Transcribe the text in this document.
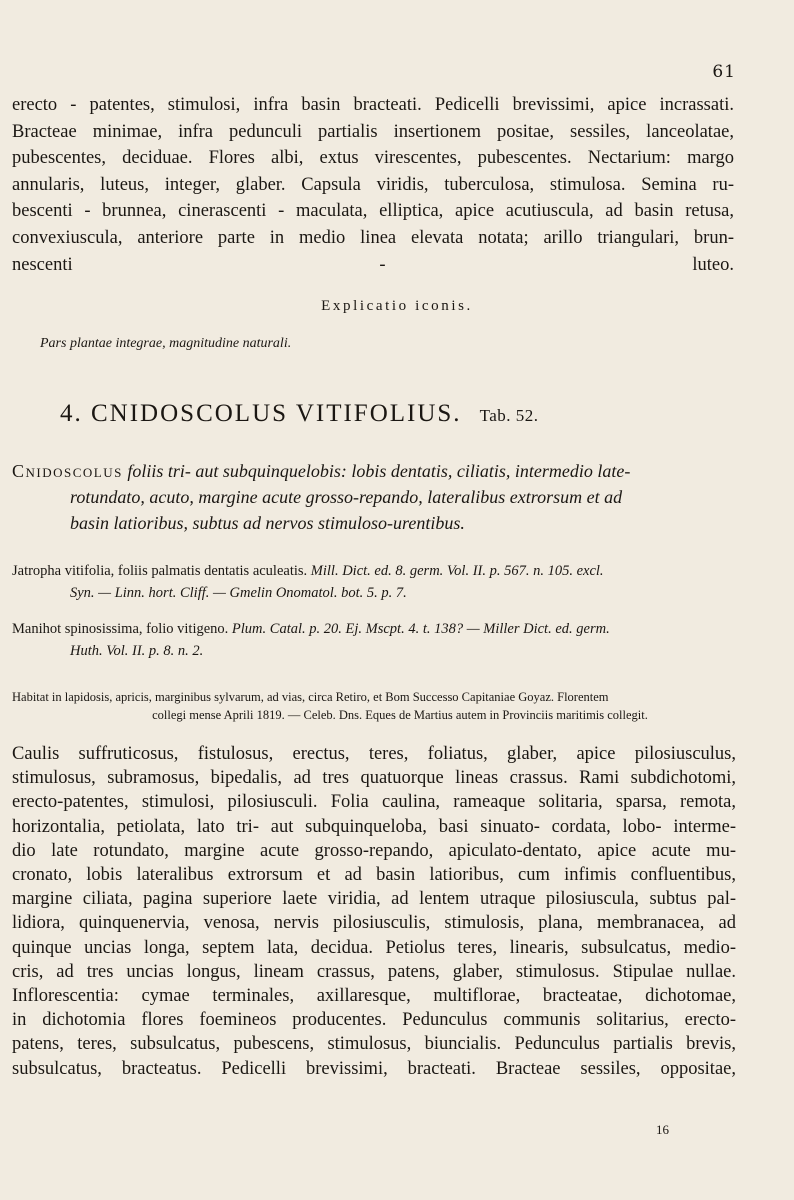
61
erecto - patentes, stimulosi, infra basin bracteati. Pedicelli brevissimi, apice incrassati.
Bracteae minimae, infra pedunculi partialis insertionem positae, sessiles, lanceolatae,
pubescentes, deciduae. Flores albi, extus virescentes, pubescentes. Nectarium: margo
annularis, luteus, integer, glaber. Capsula viridis, tuberculosa, stimulosa. Semina ru-
bescenti - brunnea, cinerascenti - maculata, elliptica, apice acutiuscula, ad basin retusa,
convexiuscula, anteriore parte in medio linea elevata notata; arillo triangulari, brun-
nescenti - luteo.
Explicatio iconis.
Pars plantae integrae, magnitudine naturali.
4. CNIDOSCOLUS VITIFOLIUS. Tab. 52.
Cnidoscolus foliis tri- aut subquinquelobis: lobis dentatis, ciliatis, intermedio late-
rotundato, acuto, margine acute grosso-repando, lateralibus extrorsum et ad
basin latioribus, subtus ad nervos stimuloso-urentibus.
Jatropha vitifolia, foliis palmatis dentatis aculeatis. Mill. Dict. ed. 8. germ. Vol. II. p. 567. n. 105. excl.
Syn. — Linn. hort. Cliff. — Gmelin Onomatol. bot. 5. p. 7.
Manihot spinosissima, folio vitigeno. Plum. Catal. p. 20. Ej. Mscpt. 4. t. 138? — Miller Dict. ed. germ.
Huth. Vol. II. p. 8. n. 2.
Habitat in lapidosis, apricis, marginibus sylvarum, ad vias, circa Retiro, et Bom Successo Capitaniae Goyaz. Florentem
collegi mense Aprili 1819. — Celeb. Dns. Eques de Martius autem in Provinciis maritimis collegit.
Caulis suffruticosus, fistulosus, erectus, teres, foliatus, glaber, apice pilosiusculus,
stimulosus, subramosus, bipedalis, ad tres quatuorque lineas crassus. Rami subdichotomi,
erecto-patentes, stimulosi, pilosiusculi. Folia caulina, rameaque solitaria, sparsa, remota,
horizontalia, petiolata, lato tri- aut subquinqueloba, basi sinuato- cordata, lobo- interme-
dio late rotundato, margine acute grosso-repando, apiculato-dentato, apice acute mu-
cronato, lobis lateralibus extrorsum et ad basin latioribus, cum infimis confluentibus,
margine ciliata, pagina superiore laete viridia, ad lentem utraque pilosiuscula, subtus pal-
lidiora, quinquenervia, venosa, nervis pilosiusculis, stimulosis, plana, membranacea, ad
quinque uncias longa, septem lata, decidua. Petiolus teres, linearis, subsulcatus, medio-
cris, ad tres uncias longus, lineam crassus, patens, glaber, stimulosus. Stipulae nullae.
Inflorescentia: cymae terminales, axillaresque, multiflorae, bracteatae, dichotomae,
in dichotomia flores foemineos producentes. Pedunculus communis solitarius, erecto-
patens, teres, subsulcatus, pubescens, stimulosus, biuncialis. Pedunculus partialis brevis,
subsulcatus, bracteatus. Pedicelli brevissimi, bracteati. Bracteae sessiles, oppositae,
16
